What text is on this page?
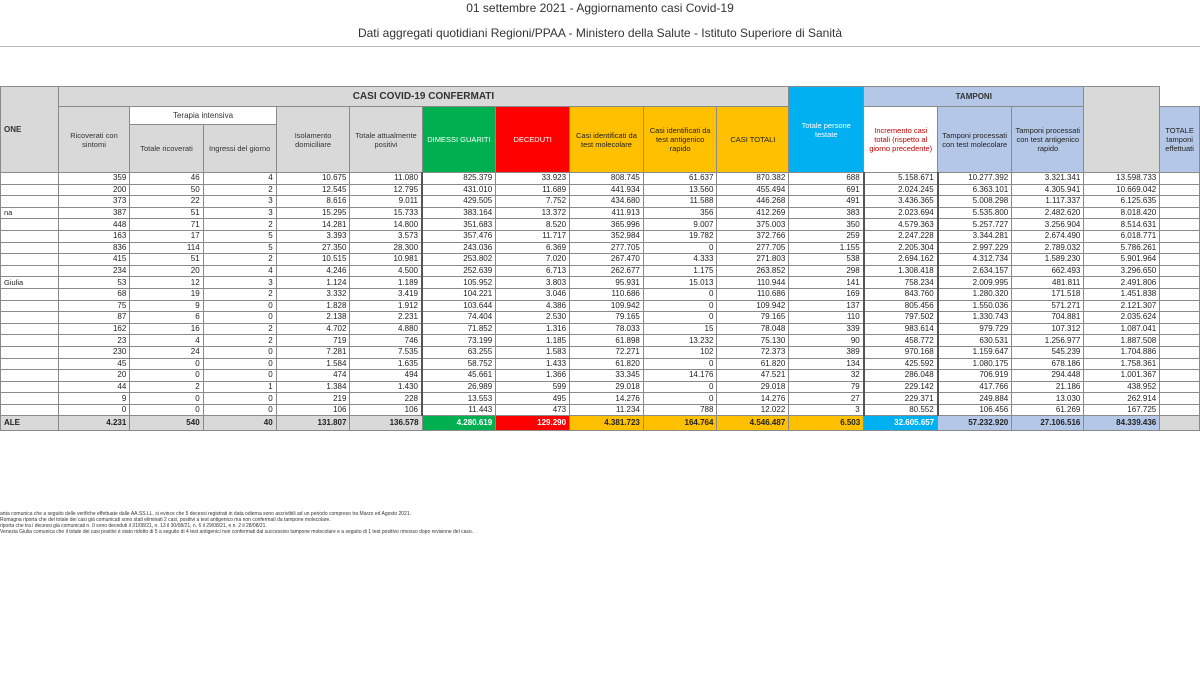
01 settembre 2021 - Aggiornamento casi Covid-19
Dati aggregati quotidiani Regioni/PPAA - Ministero della Salute - Istituto Superiore di Sanità
ONE	CASI COVID-19 CONFERMATI										Totale persone testate	TAMPONI				
	Ricoverati con sintomi	Terapia intensiva		Isolamento domiciliare	Totale attualmente positivi	DIMESSI GUARITI	DECEDUTI	Casi identificati da test molecolare	Casi identificati da test antigenico rapido	CASI TOTALI		Incremento casi totali (rispetto al giorno precedente)	Tamponi processati con test molecolare	Tamponi processati con test antigenico rapido		TOTALE tamponi effettuati
		Totale ricoverati	Ingressi del giorno													
	359	46	4	10.675	11.080	825.379	33.923	808.745	61.637	870.382	688	5.158.671	10.277.392	3.321.341	13.598.733	
	200	50	2	12.545	12.795	431.010	11.689	441.934	13.560	455.494	691	2.024.245	6.363.101	4.305.941	10.669.042	
	373	22	3	8.616	9.011	429.505	7.752	434.680	11.588	446.268	491	3.436.365	5.008.298	1.117.337	6.125.635	
na	387	51	3	15.295	15.733	383.164	13.372	411.913	356	412.269	383	2.023.694	5.535.800	2.482.620	8.018.420	
	448	71	2	14.281	14.800	351.683	8.520	365.996	9.007	375.003	350	4.579.363	5.257.727	3.256.904	8.514.631	
	163	17	5	3.393	3.573	357.476	11.717	352.984	19.782	372.766	259	2.247.228	3.344.281	2.674.490	6.018.771	
	836	114	5	27.350	28.300	243.036	6.369	277.705	0	277.705	1.155	2.205.304	2.997.229	2.789.032	5.786.261	
	415	51	2	10.515	10.981	253.802	7.020	267.470	4.333	271.803	538	2.694.162	4.312.734	1.589.230	5.901.964	
	234	20	4	4.246	4.500	252.639	6.713	262.677	1.175	263.852	298	1.308.418	2.634.157	662.493	3.296.650	
Giulia	53	12	3	1.124	1.189	105.952	3.803	95.931	15.013	110.944	141	758.234	2.009.995	481.811	2.491.806	
	68	19	2	3.332	3.419	104.221	3.046	110.686	0	110.686	169	843.760	1.280.320	171.518	1.451.838	
	75	9	0	1.828	1.912	103.644	4.386	109.942	0	109.942	137	805.456	1.550.036	571.271	2.121.307	
	87	6	0	2.138	2.231	74.404	2.530	79.165	0	79.165	110	797.502	1.330.743	704.881	2.035.624	
	162	16	2	4.702	4.880	71.852	1.316	78.033	15	78.048	339	983.614	979.729	107.312	1.087.041	
	23	4	2	719	746	73.199	1.185	61.898	13.232	75.130	90	458.772	630.531	1.256.977	1.887.508	
	230	24	0	7.281	7.535	63.255	1.583	72.271	102	72.373	389	970.168	1.159.647	545.239	1.704.886	
	45	0	0	1.584	1.635	58.752	1.433	61.820	0	61.820	134	425.592	1.080.175	678.186	1.758.361	
	20	0	0	474	494	45.661	1.366	33.345	14.176	47.521	32	286.048	706.919	294.448	1.001.367	
	44	2	1	1.384	1.430	26.989	599	29.018	0	29.018	79	229.142	417.766	21.186	438.952	
	9	0	0	219	228	13.553	495	14.276	0	14.276	27	229.371	249.884	13.030	262.914	
	0	0	0	106	106	11.443	473	11.234	788	12.022	3	80.552	106.456	61.269	167.725	
ALE	4.231	540	40	131.807	136.578	4.280.619	129.290	4.381.723	164.764	4.546.487	6.503	32.605.657	57.232.920	27.106.516	84.339.436	
anta comunica che a seguito delle verifiche effettuate dalle AA.SS.LL. si evince che 5 decessi registrati in data odierna sono ascrivibili ad un periodo compreso tra Marzo ed Agosto 2021.
Romagna riporta che del totale dei casi già comunicati sono stati eliminati 2 casi, positivi a test antigenico ma non confermati da tampone molecolare.
riporta che tra i decessi già comunicati n. 0 sono deceduti il 31/08/21, n. 13 il 30/08/21, n. 6 il 29/08/21, e n. 2 il 28/08/21.
Venezia Giulia comunica che il totale dei casi positivi è stato ridotto di 5 a seguito di 4 test antigenici non confermati dal successivo tampone molecolare e a seguito di 1 test positivo rimosso dopo revisione del caso.
